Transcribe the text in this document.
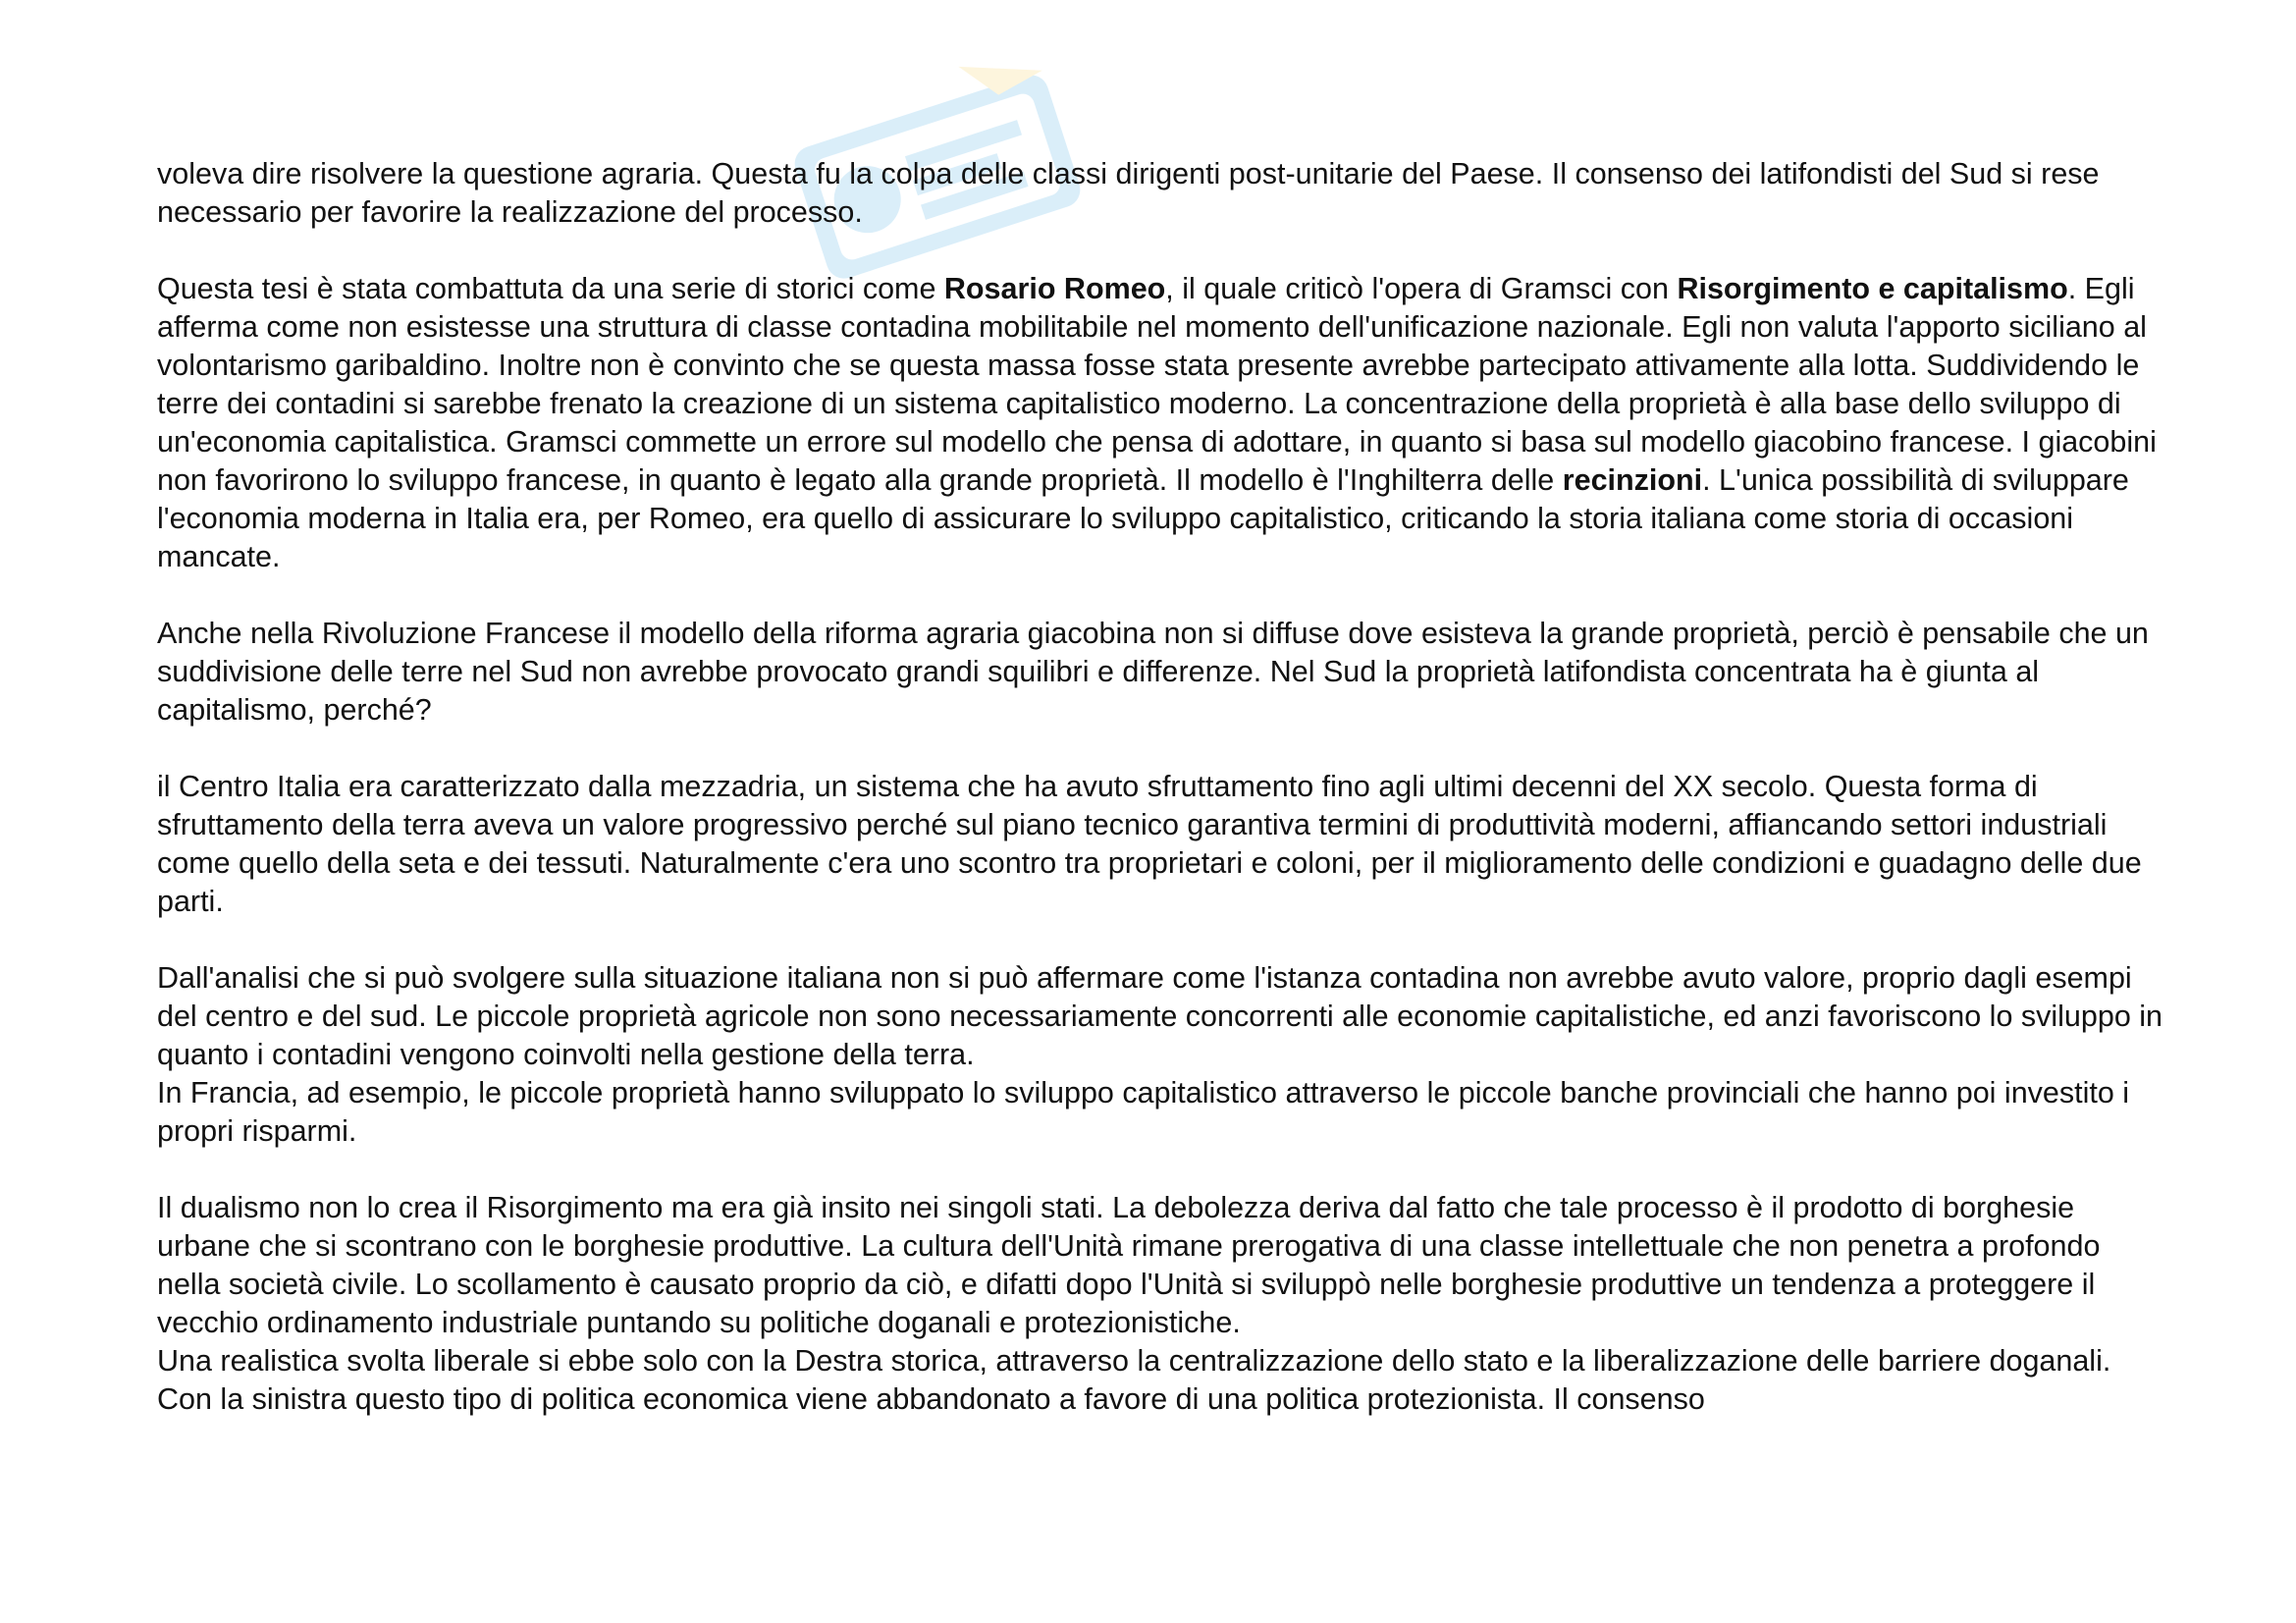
voleva dire risolvere la questione agraria. Questa fu la colpa delle classi dirigenti post-unitarie del Paese. Il consenso dei latifondisti del Sud si rese necessario per favorire la realizzazione del processo.

Questa tesi è stata combattuta da una serie di storici come Rosario Romeo, il quale criticò l'opera di Gramsci con Risorgimento e capitalismo. Egli afferma come non esistesse una struttura di classe contadina mobilitabile nel momento dell'unificazione nazionale. Egli non valuta l'apporto siciliano al volontarismo garibaldino. Inoltre non è convinto che se questa massa fosse stata presente avrebbe partecipato attivamente alla lotta. Suddividendo le terre dei contadini si sarebbe frenato la creazione di un sistema capitalistico moderno. La concentrazione della proprietà è alla base dello sviluppo di un'economia capitalistica. Gramsci commette un errore sul modello che pensa di adottare, in quanto si basa sul modello giacobino francese. I giacobini non favorirono lo sviluppo francese, in quanto è legato alla grande proprietà. Il modello è l'Inghilterra delle recinzioni. L'unica possibilità di sviluppare l'economia moderna in Italia era, per Romeo, era quello di assicurare lo sviluppo capitalistico, criticando la storia italiana come storia di occasioni mancate.

Anche nella Rivoluzione Francese il modello della riforma agraria giacobina non si diffuse dove esisteva la grande proprietà, perciò è pensabile che un suddivisione delle terre nel Sud non avrebbe provocato grandi squilibri e differenze. Nel Sud la proprietà latifondista concentrata ha è giunta al capitalismo, perché?

il Centro Italia era caratterizzato dalla mezzadria, un sistema che ha avuto sfruttamento fino agli ultimi decenni del XX secolo. Questa forma di sfruttamento della terra aveva un valore progressivo perché sul piano tecnico garantiva termini di produttività moderni, affiancando settori industriali come quello della seta e dei tessuti. Naturalmente c'era uno scontro tra proprietari e coloni, per il miglioramento delle condizioni e guadagno delle due parti.

Dall'analisi che si può svolgere sulla situazione italiana non si può affermare come l'istanza contadina non avrebbe avuto valore, proprio dagli esempi del centro e del sud. Le piccole proprietà agricole non sono necessariamente concorrenti alle economie capitalistiche, ed anzi favoriscono lo sviluppo in quanto i contadini vengono coinvolti nella gestione della terra.

In Francia, ad esempio, le piccole proprietà hanno sviluppato lo sviluppo capitalistico attraverso le piccole banche provinciali che hanno poi investito i propri risparmi.

Il dualismo non lo crea il Risorgimento ma era già insito nei singoli stati. La debolezza deriva dal fatto che tale processo è il prodotto di borghesie urbane che si scontrano con le borghesie produttive. La cultura dell'Unità rimane prerogativa di una classe intellettuale che non penetra a profondo nella società civile. Lo scollamento è causato proprio da ciò, e difatti dopo l'Unità si sviluppò nelle borghesie produttive un tendenza a proteggere il vecchio ordinamento industriale puntando su politiche doganali e protezionistiche.

Una realistica svolta liberale si ebbe solo con la Destra storica, attraverso la centralizzazione dello stato e la liberalizzazione delle barriere doganali. Con la sinistra questo tipo di politica economica viene abbandonato a favore di una politica protezionista. Il consenso
